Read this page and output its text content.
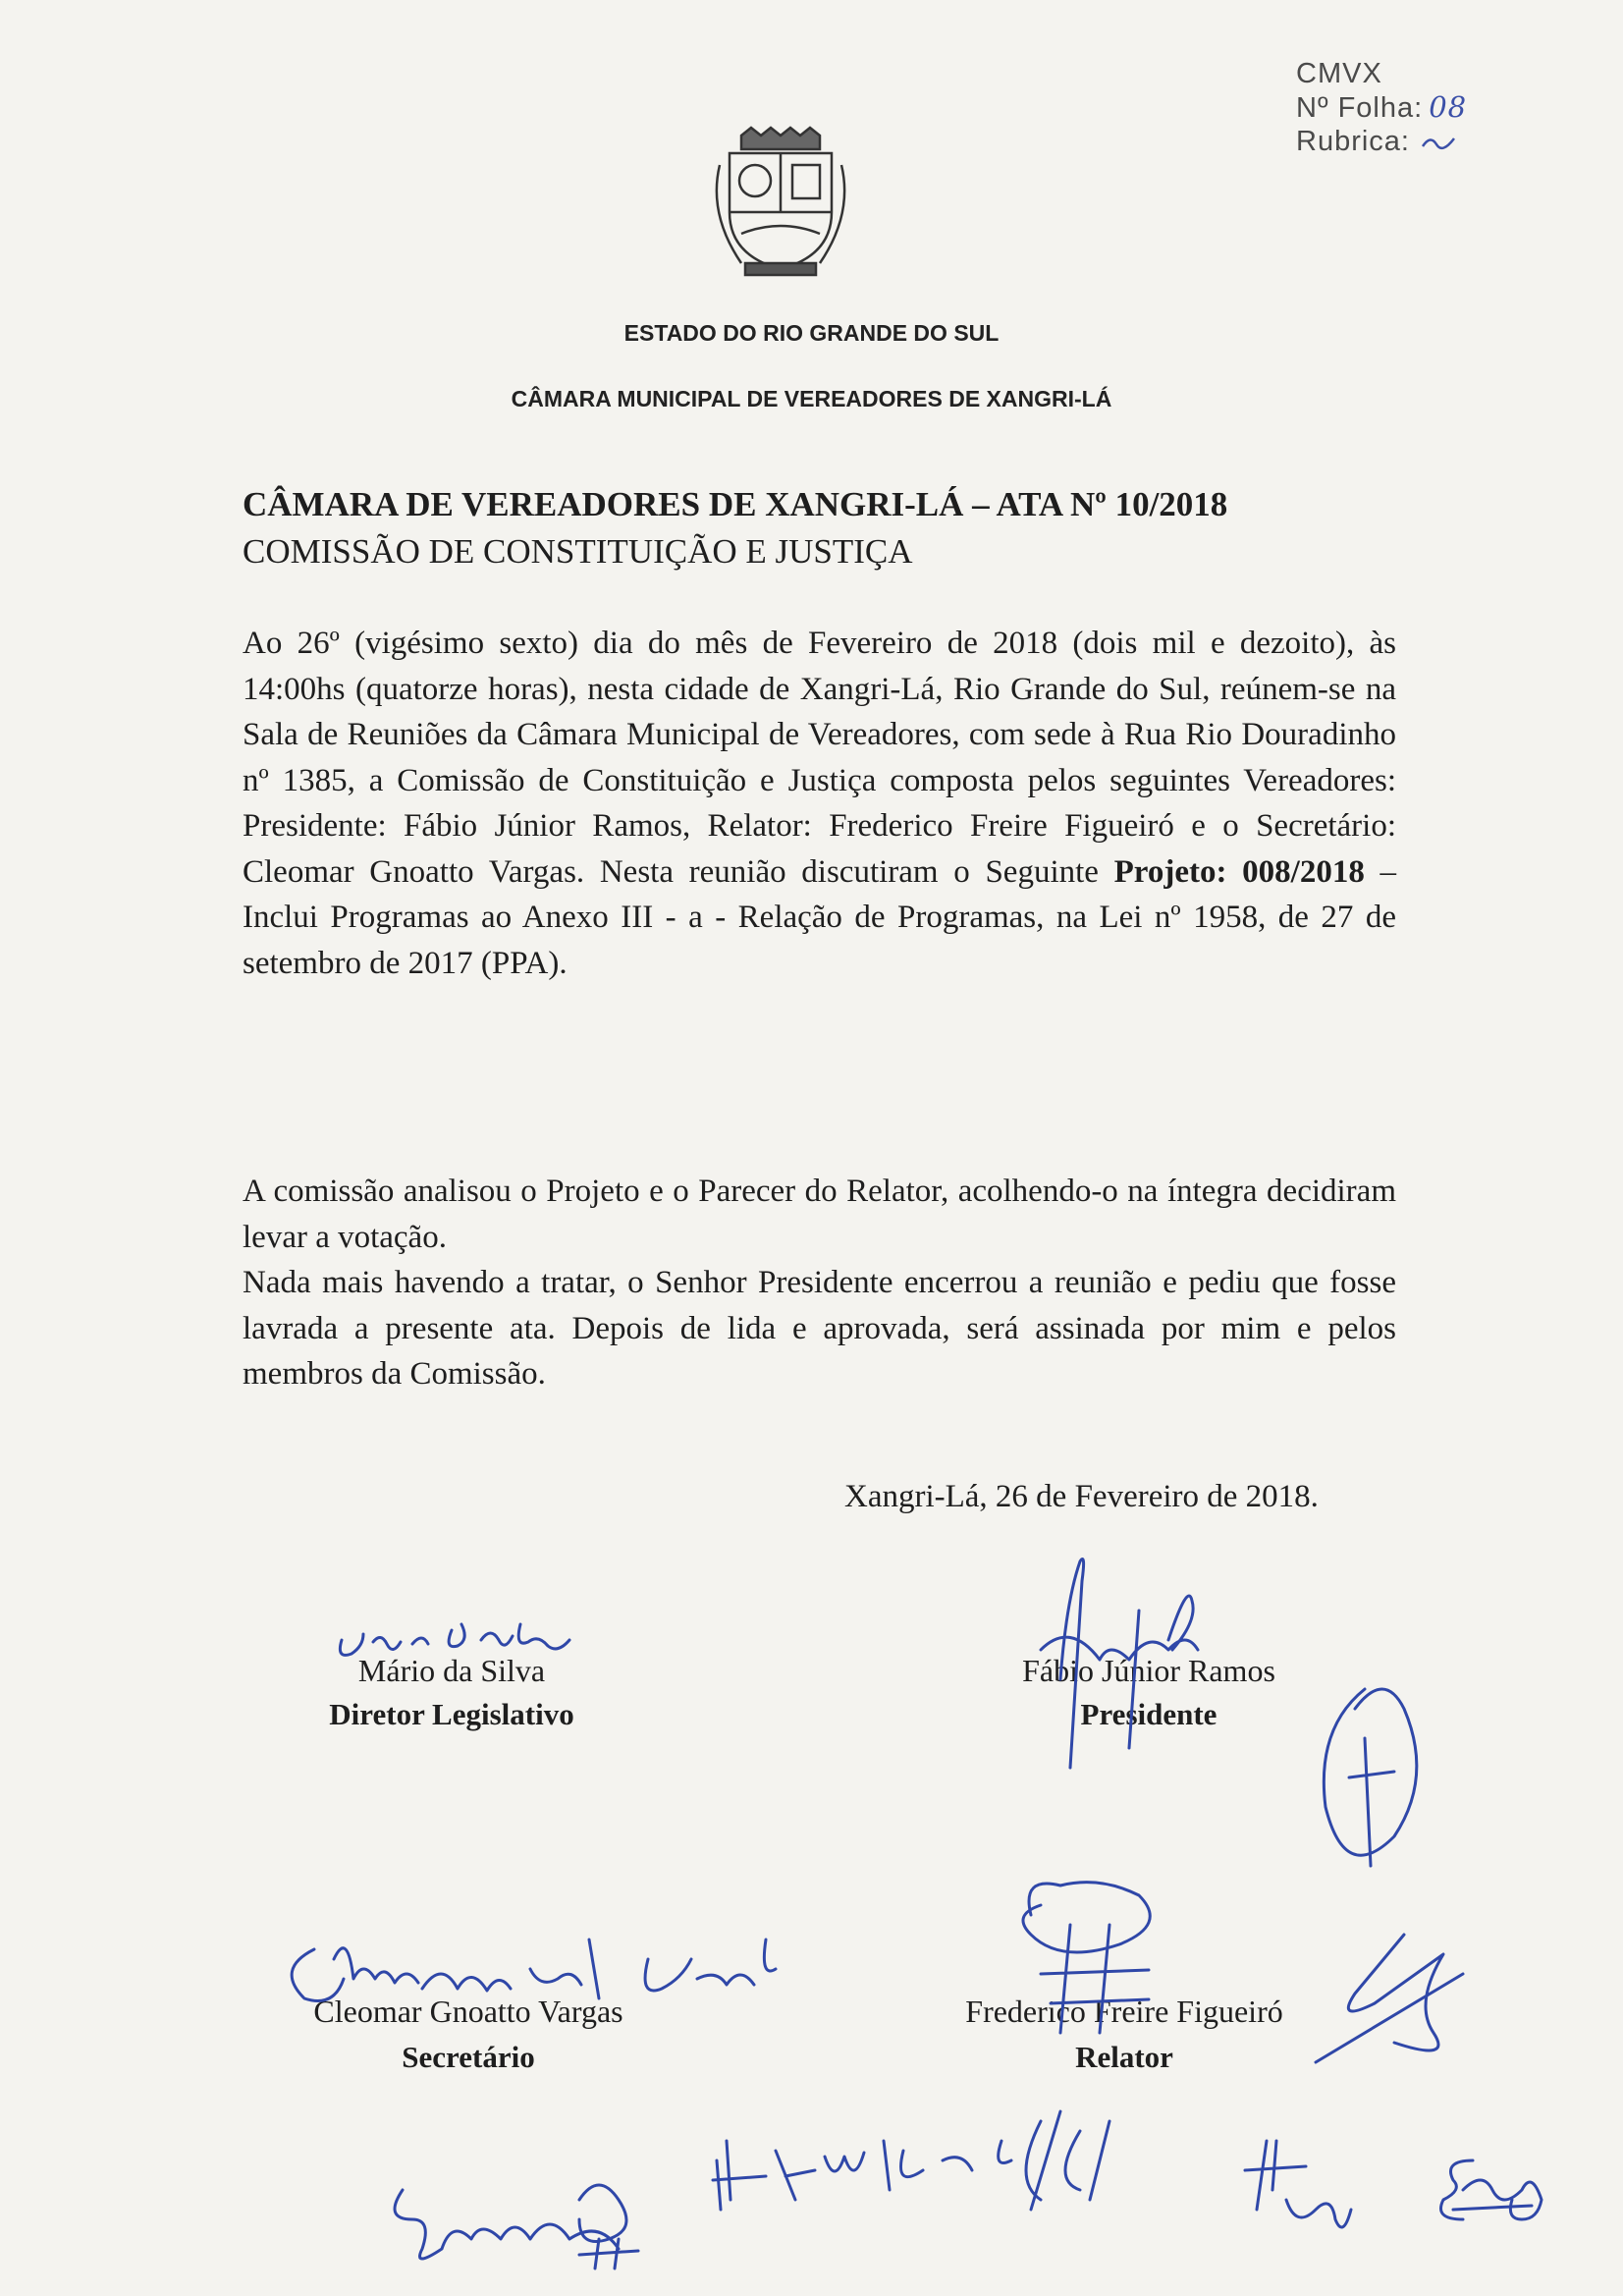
CMVX
Nº Folha: 08
Rubrica:
ESTADO DO RIO GRANDE DO SUL
CÂMARA MUNICIPAL DE VEREADORES DE XANGRI-LÁ
CÂMARA DE VEREADORES DE XANGRI-LÁ – ATA Nº 10/2018
COMISSÃO DE CONSTITUIÇÃO E JUSTIÇA
Ao 26º (vigésimo sexto) dia do mês de Fevereiro de 2018 (dois mil e dezoito), às 14:00hs (quatorze horas), nesta cidade de Xangri-Lá, Rio Grande do Sul, reúnem-se na Sala de Reuniões da Câmara Municipal de Vereadores, com sede à Rua Rio Douradinho nº 1385, a Comissão de Constituição e Justiça composta pelos seguintes Vereadores: Presidente: Fábio Júnior Ramos, Relator: Frederico Freire Figueiró e o Secretário: Cleomar Gnoatto Vargas. Nesta reunião discutiram o Seguinte Projeto: 008/2018 – Inclui Programas ao Anexo III - a - Relação de Programas, na Lei nº 1958, de 27 de setembro de 2017 (PPA).
A comissão analisou o Projeto e o Parecer do Relator, acolhendo-o na íntegra decidiram levar a votação.
Nada mais havendo a tratar, o Senhor Presidente encerrou a reunião e pediu que fosse lavrada a presente ata. Depois de lida e aprovada, será assinada por mim e pelos membros da Comissão.
Xangri-Lá, 26 de Fevereiro de 2018.
Mário da Silva
Diretor Legislativo
Fábio Júnior Ramos
Presidente
Cleomar Gnoatto Vargas
Secretário
Frederico Freire Figueiró
Relator
